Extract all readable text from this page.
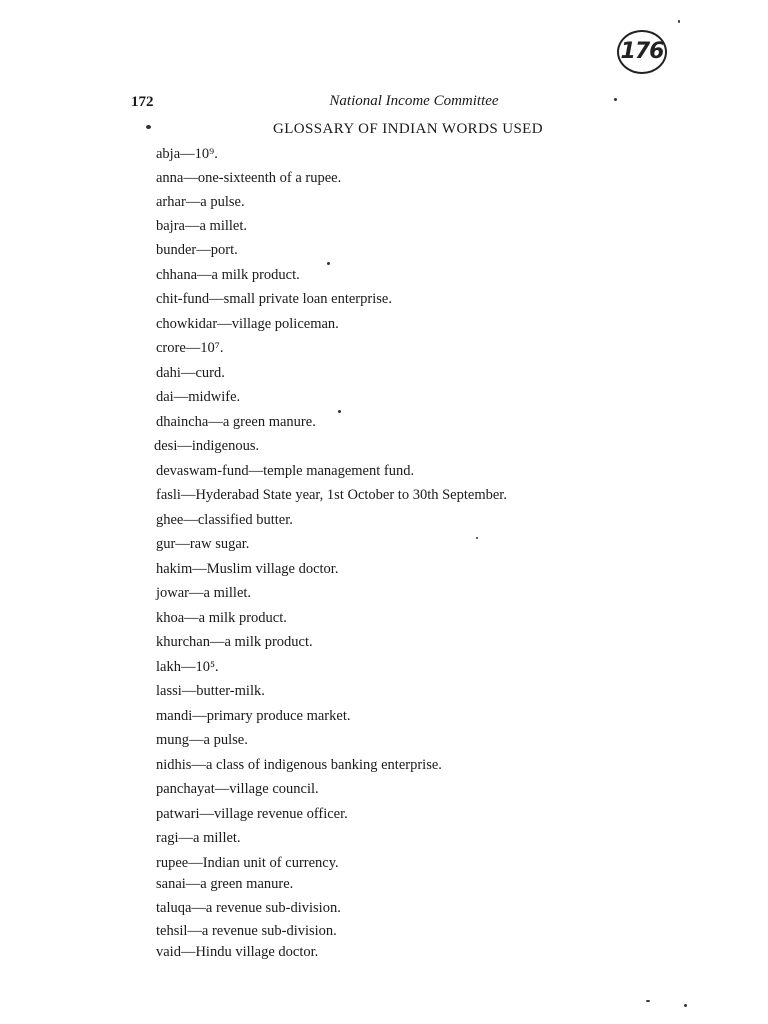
176
172	National Income Committee
GLOSSARY OF INDIAN WORDS USED
abja—10⁹.
anna—one-sixteenth of a rupee.
arhar—a pulse.
bajra—a millet.
bunder—port.
chhana—a milk product.
chit-fund—small private loan enterprise.
chowkidar—village policeman.
crore—10⁷.
dahi—curd.
dai—midwife.
dhaincha—a green manure.
desi—indigenous.
devaswam-fund—temple management fund.
fasli—Hyderabad State year, 1st October to 30th September.
ghee—classified butter.
gur—raw sugar.
hakim—Muslim village doctor.
jowar—a millet.
khoa—a milk product.
khurchan—a milk product.
lakh—10⁵.
lassi—butter-milk.
mandi—primary produce market.
mung—a pulse.
nidhis—a class of indigenous banking enterprise.
panchayat—village council.
patwari—village revenue officer.
ragi—a millet.
rupee—Indian unit of currency.
sanai—a green manure.
taluqa—a revenue sub-division.
tehsil—a revenue sub-division.
vaid—Hindu village doctor.
